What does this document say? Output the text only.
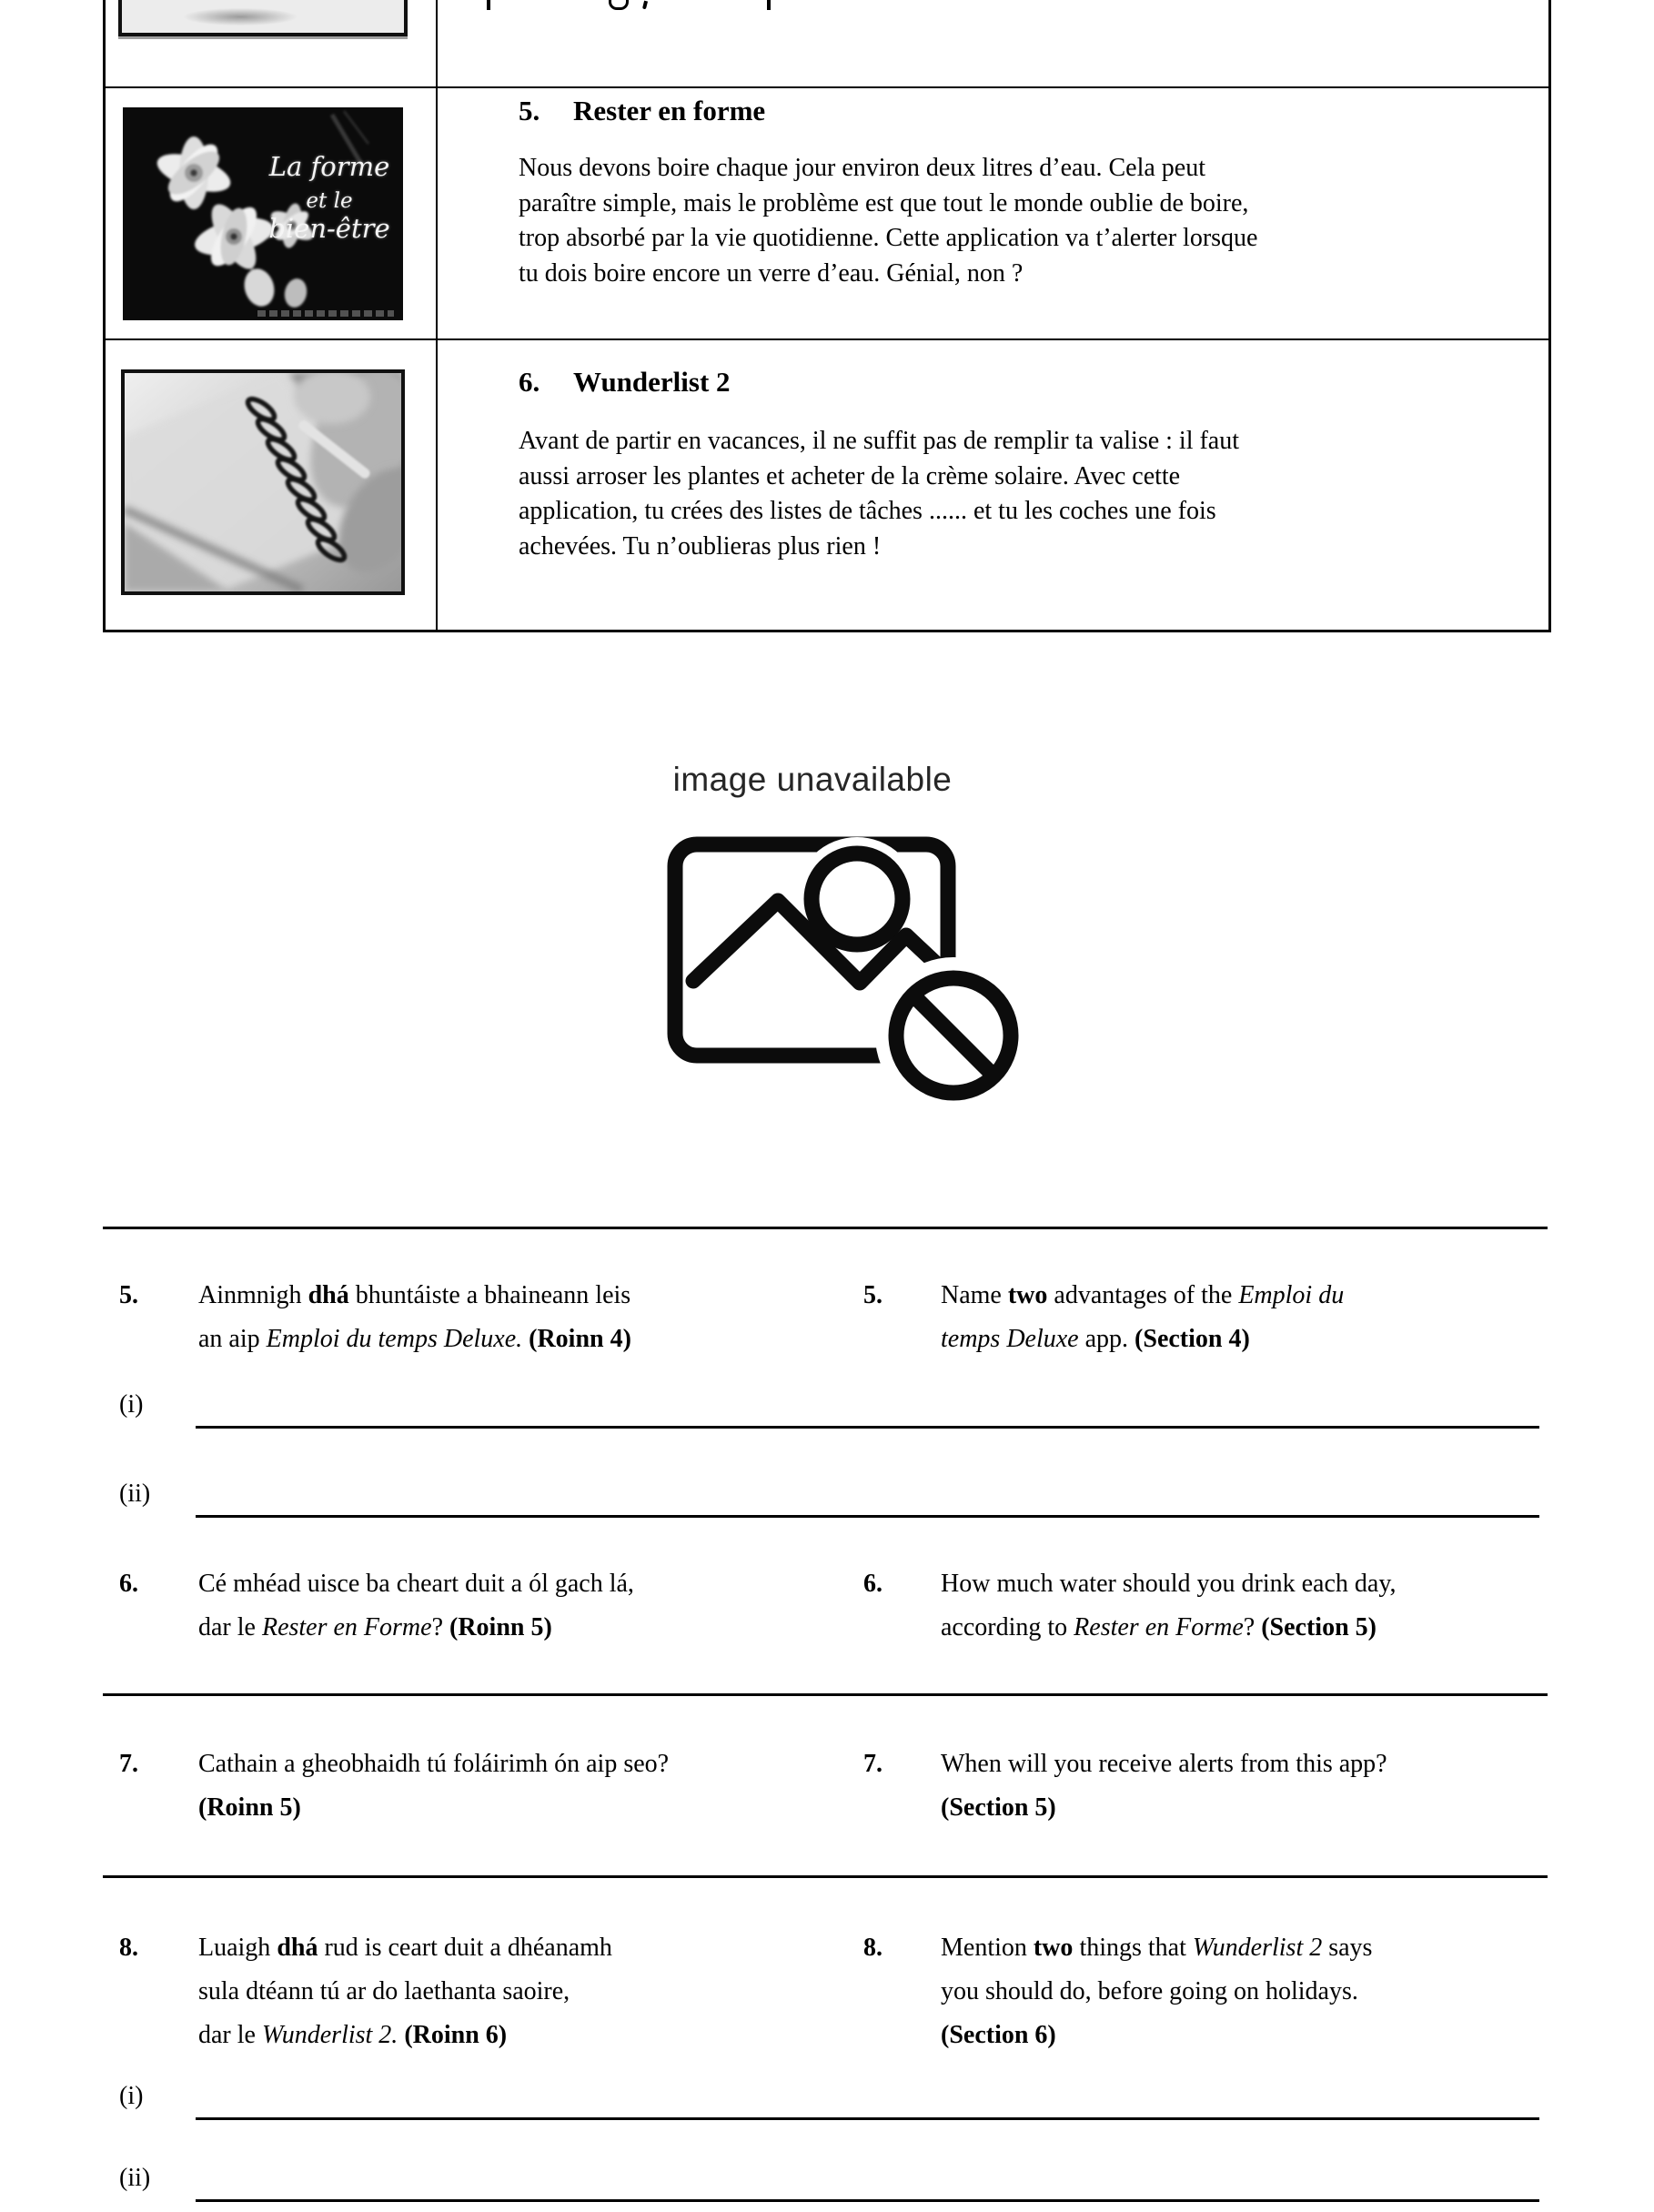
La forme
et le
bien-être
5. Rester en forme
Nous devons boire chaque jour environ deux litres d’eau. Cela peut
paraître simple, mais le problème est que tout le monde oublie de boire,
trop absorbé par la vie quotidienne. Cette application va t’alerter lorsque
tu dois boire encore un verre d’eau. Génial, non ?
6. Wunderlist 2
Avant de partir en vacances, il ne suffit pas de remplir ta valise : il faut
aussi arroser les plantes et acheter de la crème solaire. Avec cette
application, tu crées des listes de tâches ...... et tu les coches une fois
achevées. Tu n’oublieras plus rien !
image unavailable
5. Ainmnigh dhá bhuntáiste a bhaineann leis
an aip Emploi du temps Deluxe. (Roinn 4)
5. Name two advantages of the Emploi du
temps Deluxe app. (Section 4)
(i)
(ii)
6. Cé mhéad uisce ba cheart duit a ól gach lá,
dar le Rester en Forme? (Roinn 5)
6. How much water should you drink each day,
according to Rester en Forme? (Section 5)
7. Cathain a gheobhaidh tú foláirimh ón aip seo?
(Roinn 5)
7. When will you receive alerts from this app?
(Section 5)
8. Luaigh dhá rud is ceart duit a dhéanamh
sula dtéann tú ar do laethanta saoire,
dar le Wunderlist 2. (Roinn 6)
8. Mention two things that Wunderlist 2 says
you should do, before going on holidays.
(Section 6)
(i)
(ii)
